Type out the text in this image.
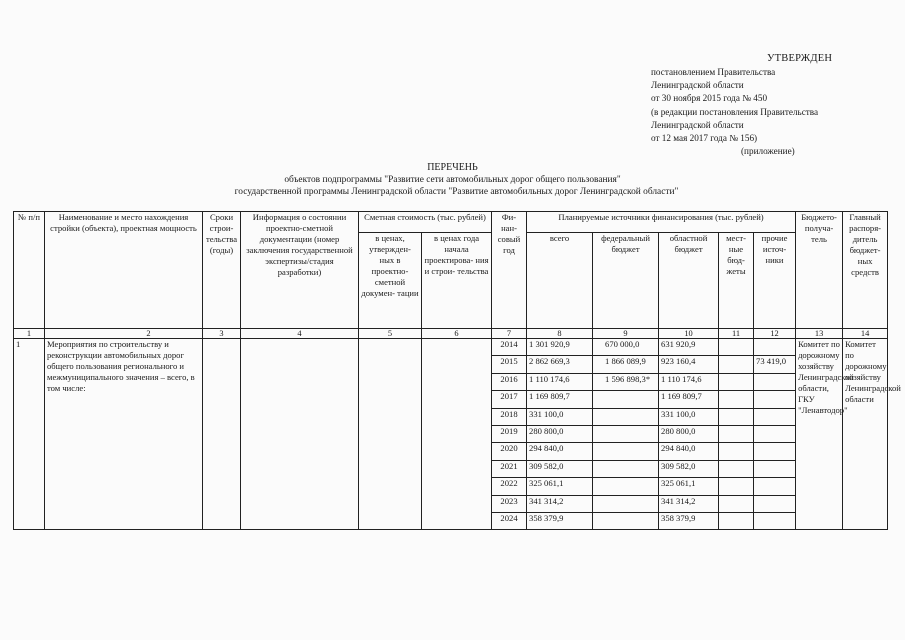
УТВЕРЖДЕН
постановлением Правительства
Ленинградской области
от 30 ноября 2015 года № 450
(в редакции постановления Правительства
Ленинградской области
от 12 мая 2017 года № 156)
(приложение)
ПЕРЕЧЕНЬ
объектов подпрограммы "Развитие сети автомобильных дорог общего пользования"
государственной программы Ленинградской области "Развитие автомобильных дорог Ленинградской области"
№ п/п	Наименование и место нахождения стройки (объекта), проектная мощность	Сроки строи- тельства (годы)	Информация о состоянии проектно-сметной документации (номер заключения государственной экспертизы/стадия разработки)	Сметная стоимость (тыс. рублей)		Фи- нан- совый год	Планируемые источники финансирования (тыс. рублей)					Бюджето- получа- тель	Главный распоря- дитель бюджет- ных средств
				в ценах, утвержден- ных в проектно- сметной докумен- тации	в ценах года начала проектирова- ния и строи- тельства		всего	федеральный бюджет	областной бюджет	мест- ные бюд- жеты	прочие источ- ники		
1	2	3	4	5	6	7	8	9	10	11	12	13	14
1	Мероприятия по строительству и реконструкции автомобильных дорог общего пользования регионального и межмуниципального значения – всего, в том числе:					2014	1 301 920,9	670 000,0	631 920,9			Комитет по дорожному хозяйству Ленинградской области, ГКУ "Ленавтодор"	Комитет по дорожному хозяйству Ленинградской области
						2015	2 862 669,3	1 866 089,9	923 160,4		73 419,0		
						2016	1 110 174,6	1 596 898,3*	1 110 174,6				
						2017	1 169 809,7		1 169 809,7				
						2018	331 100,0		331 100,0				
						2019	280 800,0		280 800,0				
						2020	294 840,0		294 840,0				
						2021	309 582,0		309 582,0				
						2022	325 061,1		325 061,1				
						2023	341 314,2		341 314,2				
						2024	358 379,9		358 379,9				
